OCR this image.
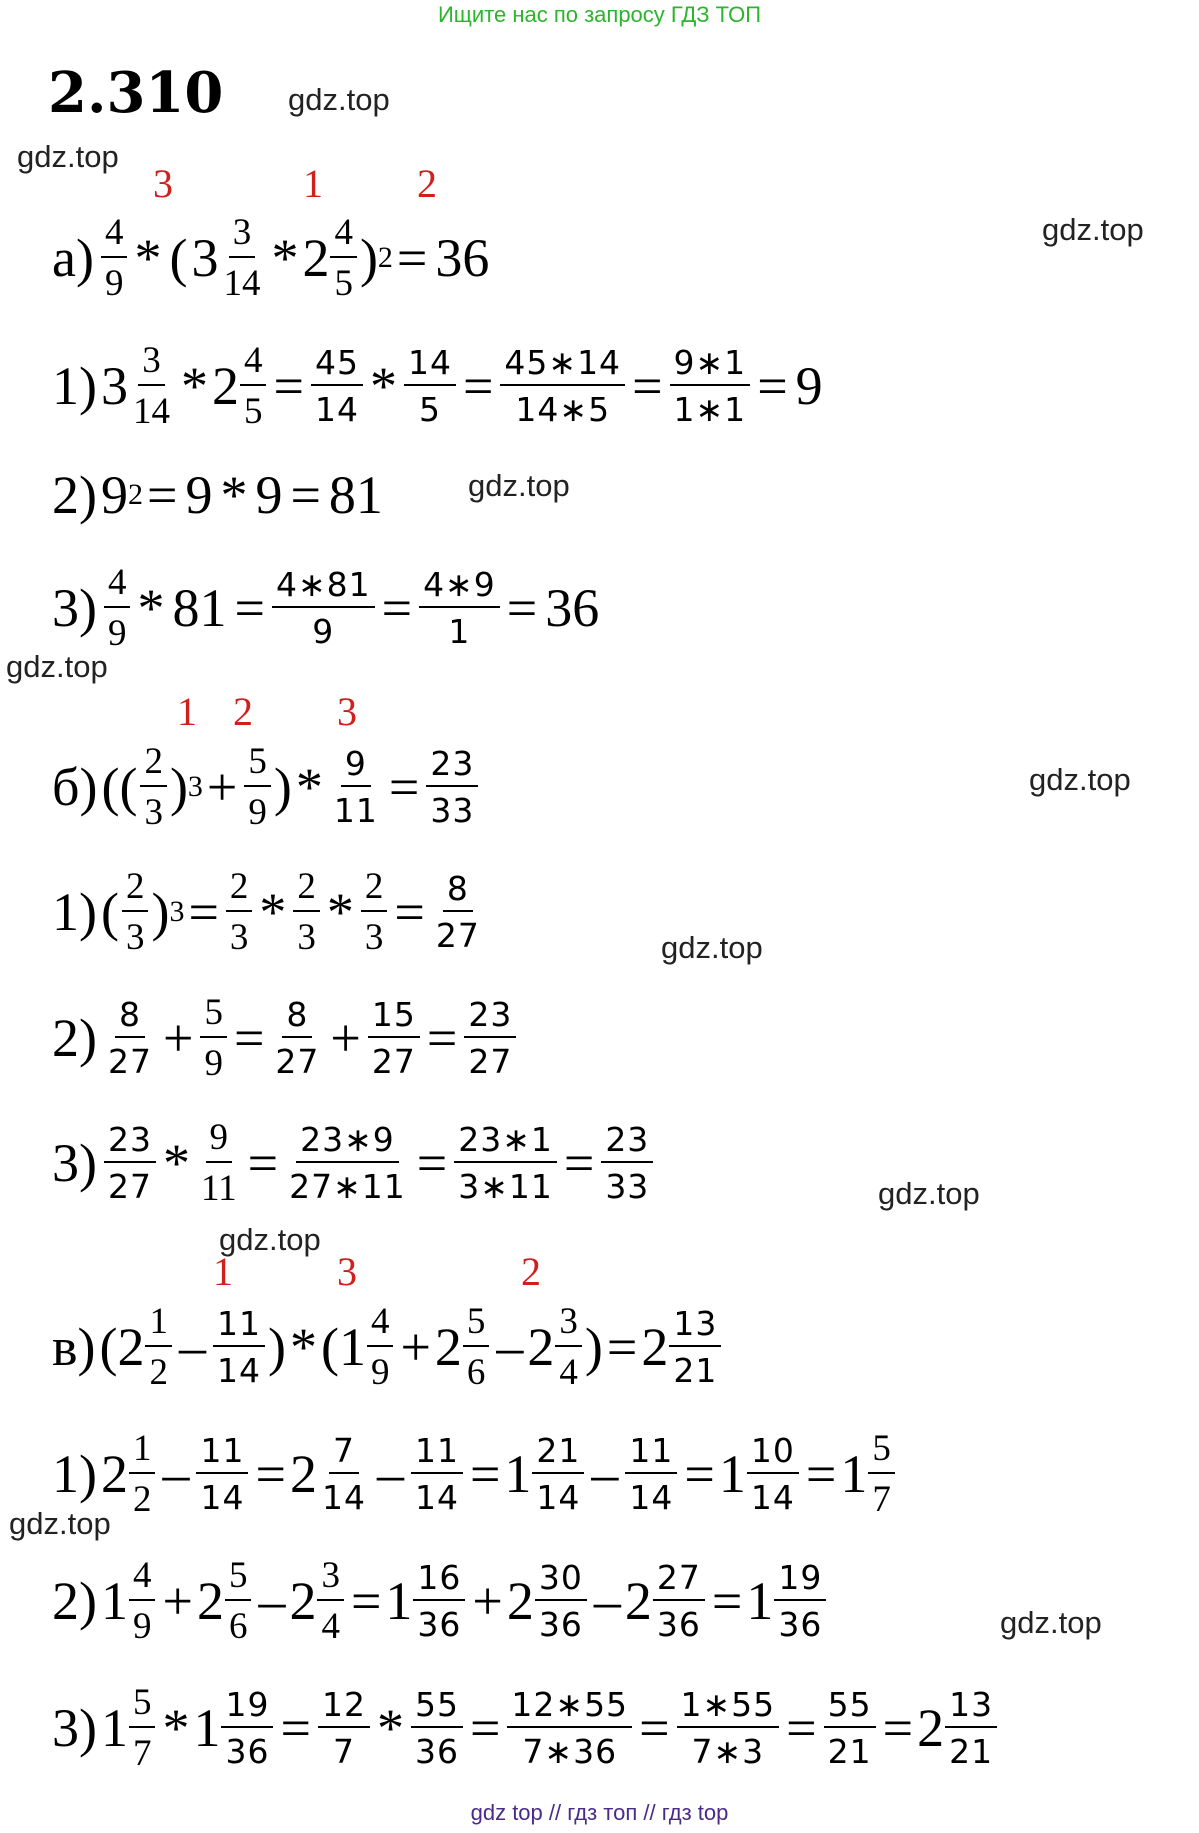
Ищите нас по запросу ГДЗ ТОП
2.310 gdz.top
gdz.top
gdz.top
gdz.top
gdz.top
gdz.top
gdz.top
gdz.top
gdz.top
gdz.top
gdz.top
3	1 2
1 2 3
1	3	2
а) 4
9 * ( 3 3
14 * 2 4
5 ) 2 = 36
1) 3 3
$14 * 2 \frac{4}{5} = \frac{45}{14} * \frac{14}{5} = \frac{45∗14}{14∗5} = \frac{9∗1}{1∗1} = 9$
2) 9 2 = 9 * 9 = 81
3) 4
$9 * 81 = \frac{4∗81}{9} = \frac{4∗9}{1} = 36$
б) (( 2
3 ) $3 + \frac{5}{9}$ ) * $\frac{9}{11} = \frac{23}{33}$
1) ( 2
3 ) $3 = \frac{2}{3} * 2$
$3 * \frac{2}{3} = \frac{8}{27}$
2) 8
$27 + \frac{5}{9} = \frac{8}{27} + \frac{15}{27} = \frac{23}{27}$
3) 23
$27 * \frac{9}{11} = \frac{23∗9}{27∗11} = \frac{23∗1}{3∗11} = \frac{23}{33}$
в) ( 2 1
2 – 11
14 ) * ( 1 4
9 + 2 5
6 – 2 3
4 ) = 2 13
21
1) 2 1
$2 - \frac{11}{14} = 2$ 7
$14 - \frac{11}{14} = 1$ 21
$14 - \frac{11}{14} = 1 \frac{10}{14} = 1$ 5
7
2) 1 4
9 + 2 5
$6 - 2 \frac{3}{4} = 1$ 16
36 + 2 30
$36 - 2 \frac{27}{36} = 1$ 19
36
3) 1 5
$7 * 1 \frac{19}{36} = \frac{12}{7} * \frac{55}{36} = \frac{12∗55}{7∗36} = \frac{1∗55}{7∗3} = \frac{55}{21} = 2$ 13
21
gdz top // гдз топ // гдз top
